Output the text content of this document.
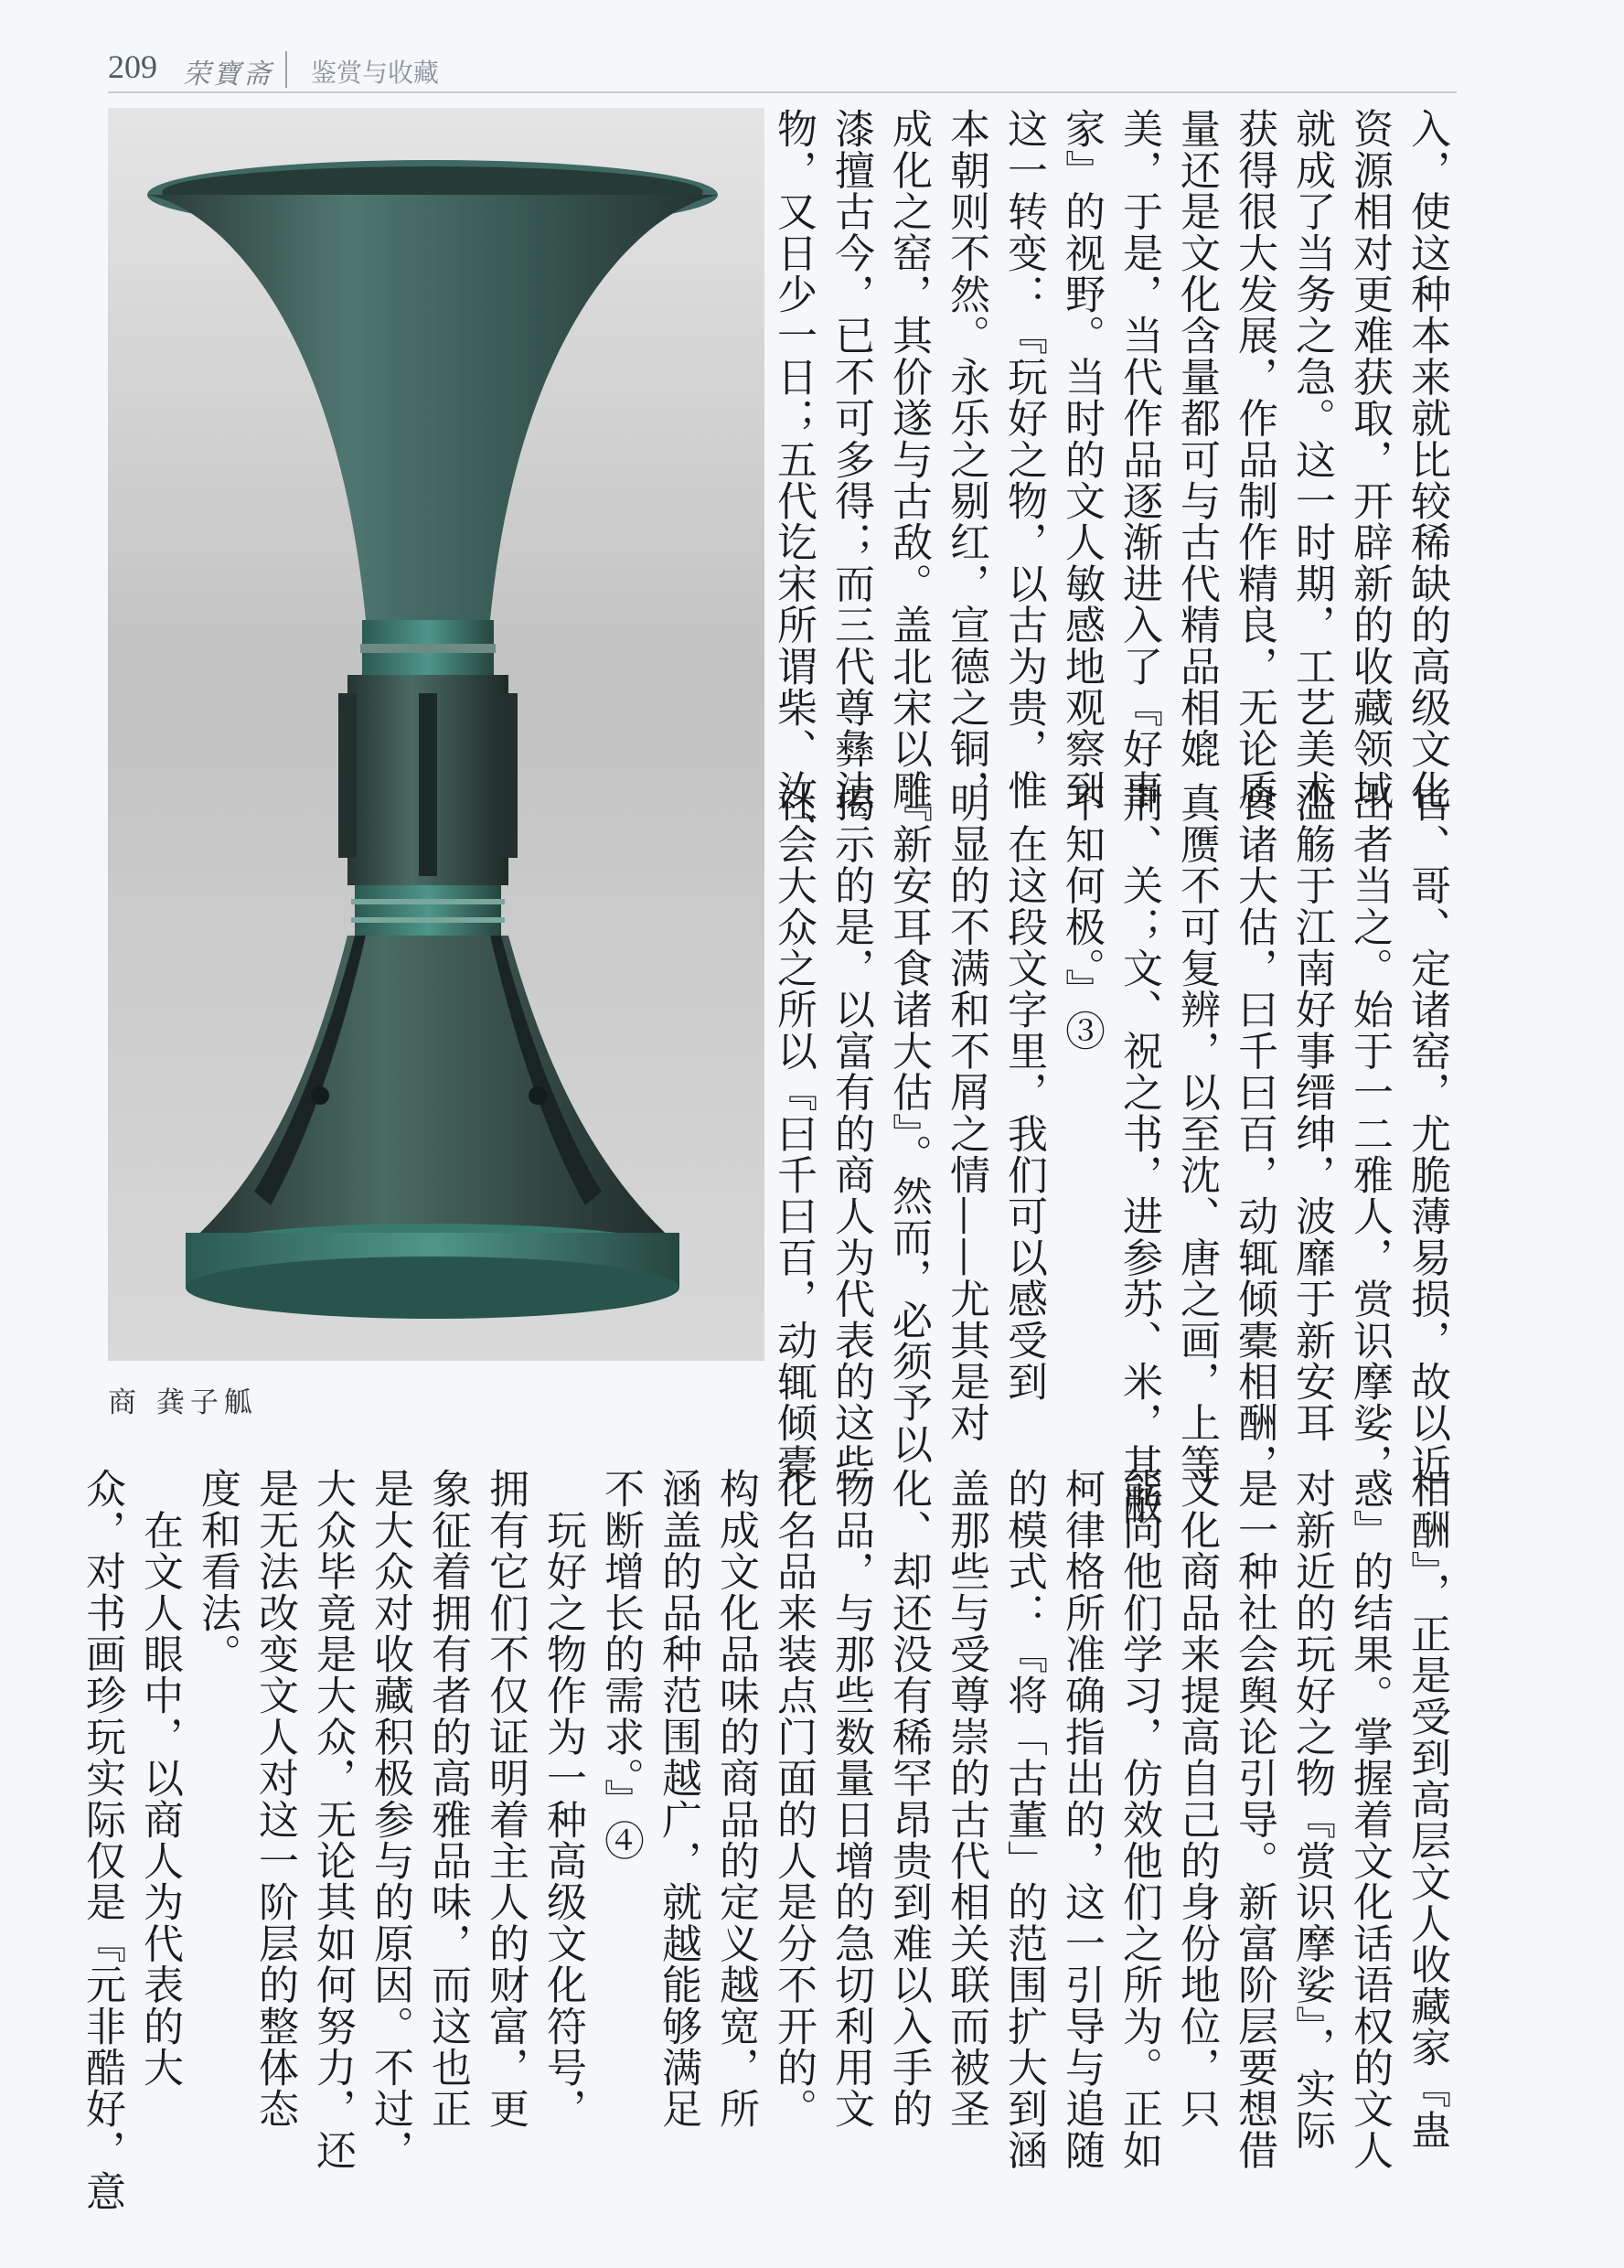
209 荣寶斋 鉴赏与收藏
商 龚子觚
入，使这种本来就比较稀缺的高级文化
资源相对更难获取，开辟新的收藏领域
就成了当务之急。这一时期，工艺美术
获得很大发展，作品制作精良，无论质
量还是文化含量都可与古代精品相媲
美，于是，当代作品逐渐进入了『好事
家』的视野。当时的文人敏感地观察到
这一转变：『玩好之物，以古为贵，惟
本朝则不然。永乐之剔红，宣德之铜，
成化之窑，其价遂与古敌。盖北宋以雕
漆擅古今，已不可多得；而三代尊彝法
物，又日少一日；五代讫宋所谓柴、汝、
官、哥、定诸窑，尤脆薄易损，故以近
出者当之。始于一二雅人，赏识摩娑，
滥觞于江南好事缙绅，波靡于新安耳
食诸大估，曰千曰百，动辄倾橐相酬，
真赝不可复辨，以至沈、唐之画，上等
荆、关；文、祝之书，进参苏、米，其敝
不知何极。』③
　在这段文字里，我们可以感受到
明显的不满和不屑之情——尤其是对
『新安耳食诸大估』。然而，必须予以
揭示的是，以富有的商人为代表的这些
社会大众之所以『曰千曰百，动辄倾橐
相酬』，正是受到高层文人收藏家『蛊
惑』的结果。掌握着文化话语权的文人
对新近的玩好之物『赏识摩娑』，实际
是一种社会舆论引导。新富阶层要想借
文化商品来提高自己的身份地位，只
能向他们学习，仿效他们之所为。正如
柯律格所准确指出的，这一引导与追随
的模式：『将「古董」的范围扩大到涵
盖那些与受尊崇的古代相关联而被圣
化、却还没有稀罕昂贵到难以入手的
物品，与那些数量日增的急切利用文
化名品来装点门面的人是分不开的。
构成文化品味的商品的定义越宽，所
涵盖的品种范围越广，就越能够满足
不断增长的需求。』④
　玩好之物作为一种高级文化符号，
拥有它们不仅证明着主人的财富，更
象征着拥有者的高雅品味，而这也正
是大众对收藏积极参与的原因。不过，
大众毕竟是大众，无论其如何努力，还
是无法改变文人对这一阶层的整体态
度和看法。
　在文人眼中，以商人为代表的大
众，对书画珍玩实际仅是『元非酷好，意
